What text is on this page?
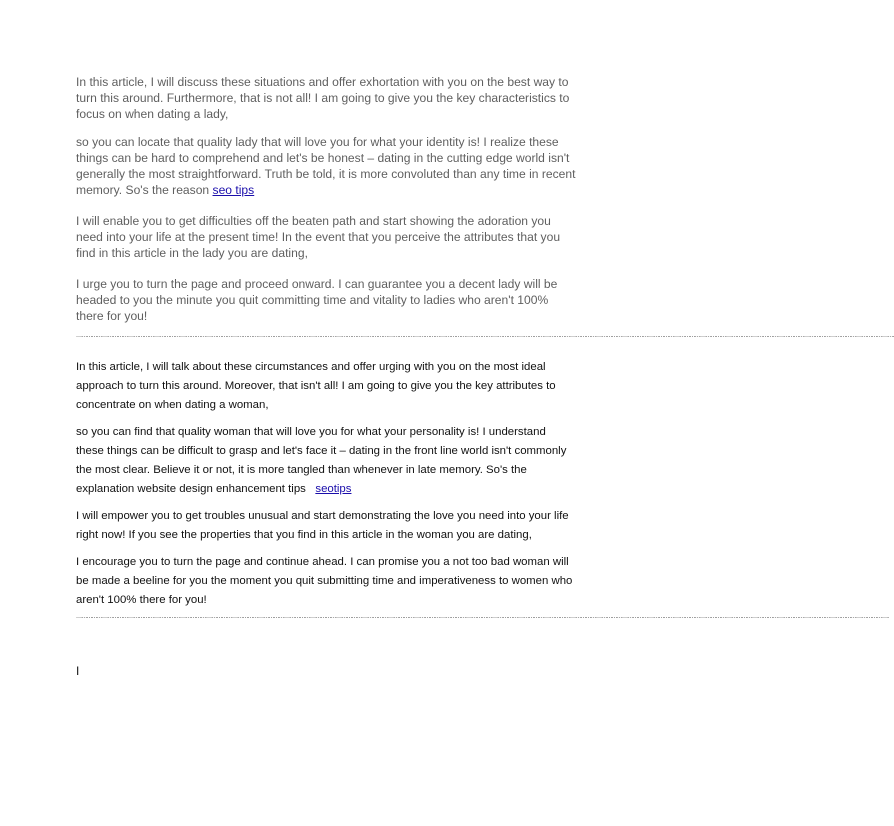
In this article, I will discuss these situations and offer exhortation with you on the best way to turn this around. Furthermore, that is not all! I am going to give you the key characteristics to focus on when dating a lady,

so you can locate that quality lady that will love you for what your identity is! I realize these things can be hard to comprehend and let's be honest – dating in the cutting edge world isn't generally the most straightforward. Truth be told, it is more convoluted than any time in recent memory. So's the reason seo tips

I will enable you to get difficulties off the beaten path and start showing the adoration you need into your life at the present time! In the event that you perceive the attributes that you find in this article in the lady you are dating,

I urge you to turn the page and proceed onward. I can guarantee you a decent lady will be headed to you the minute you quit committing time and vitality to ladies who aren't 100% there for you!

………………………………………………………………………………………………………………………………………………………………………………………………………………………………………………………………………………………………………………………………………………………………………………………………………………………………….

In this article, I will talk about these circumstances and offer urging with you on the most ideal approach to turn this around. Moreover, that isn't all! I am going to give you the key attributes to concentrate on when dating a woman,

so you can find that quality woman that will love you for what your personality is! I understand these things can be difficult to grasp and let's face it – dating in the front line world isn't commonly the most clear. Believe it or not, it is more tangled than whenever in late memory. So's the explanation website design enhancement tips seotips

I will empower you to get troubles unusual and start demonstrating the love you need into your life right now! If you see the properties that you find in this article in the woman you are dating,

I encourage you to turn the page and continue ahead. I can promise you a not too bad woman will be made a beeline for you the moment you quit submitting time and imperativeness to women who aren't 100% there for you!

……………………………………………………………………………………………………………………………………………………………………………………………………………………………………………………………………………………………………………………………………………………………………………………………………………………………….
I
